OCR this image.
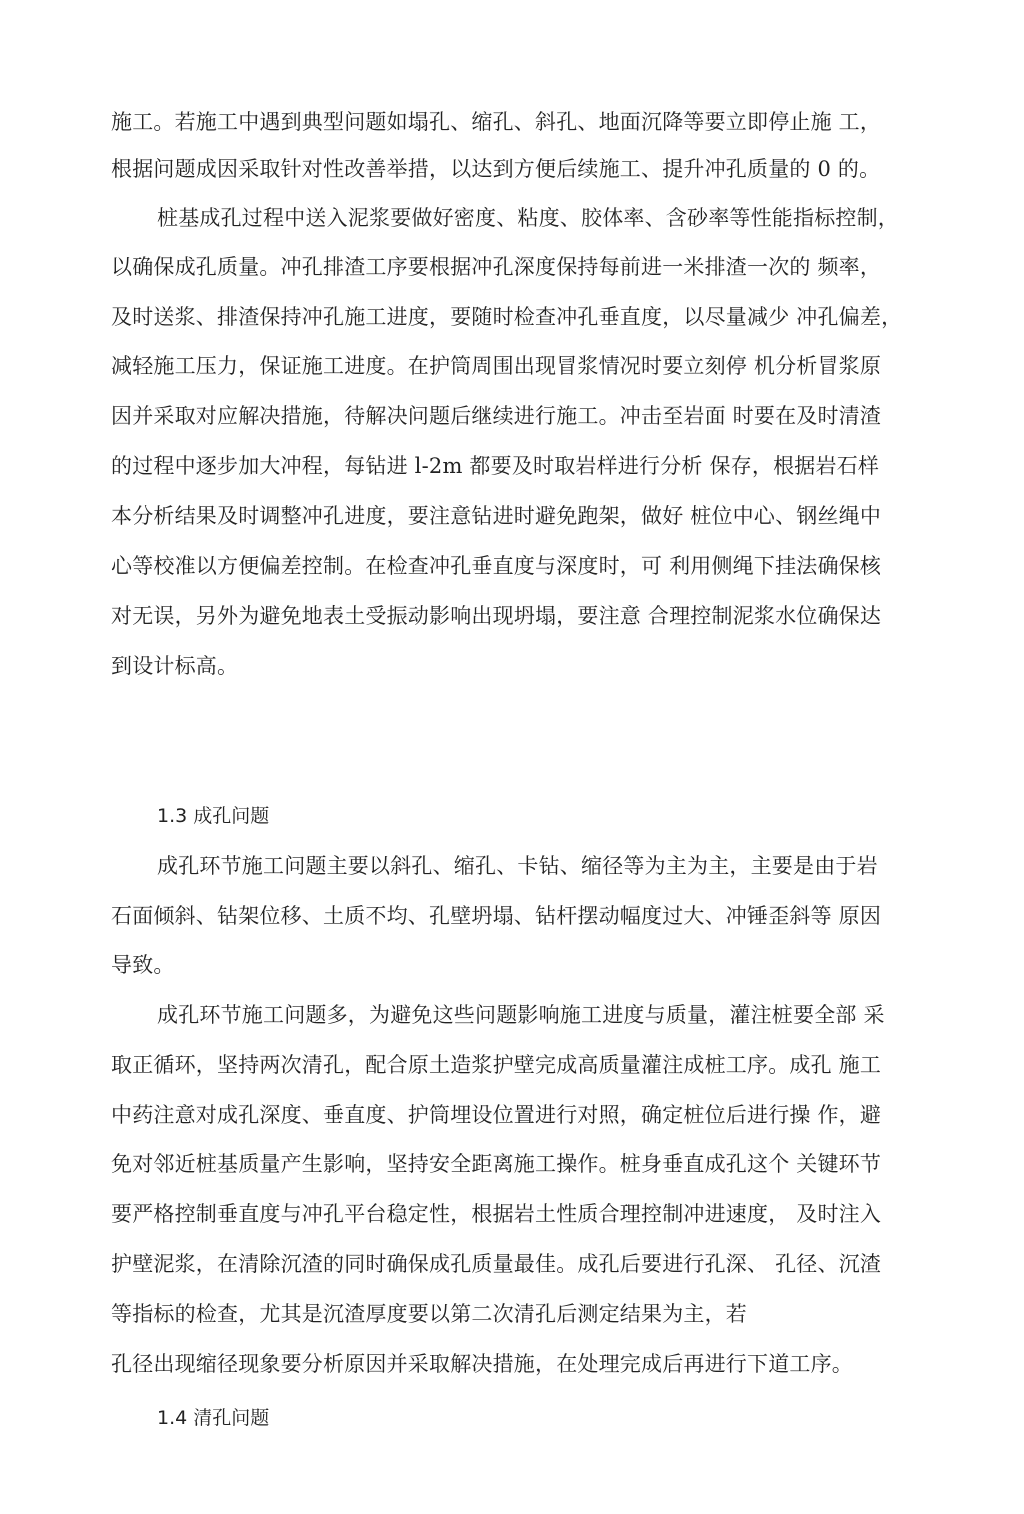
施工。若施工中遇到典型问题如塌孔、缩孔、斜孔、地面沉降等要立即停止施 工，
根据问题成因采取针对性改善举措，以达到方便后续施工、提升冲孔质量的 0 的。
桩基成孔过程中送入泥浆要做好密度、粘度、胶体率、含砂率等性能指标控制，
以确保成孔质量。冲孔排渣工序要根据冲孔深度保持每前进一米排渣一次的 频率，
及时送浆、排渣保持冲孔施工进度，要随时检查冲孔垂直度，以尽量减少 冲孔偏差，
减轻施工压力，保证施工进度。在护筒周围出现冒浆情况时要立刻停 机分析冒浆原
因并采取对应解决措施，待解决问题后继续进行施工。冲击至岩面 时要在及时清渣
的过程中逐步加大冲程，每钻进 l-2m 都要及时取岩样进行分析 保存，根据岩石样
本分析结果及时调整冲孔进度，要注意钻进时避免跑架，做好 桩位中心、钢丝绳中
心等校准以方便偏差控制。在检查冲孔垂直度与深度时，可 利用侧绳下挂法确保核
对无误，另外为避免地表土受振动影响出现坍塌，要注意 合理控制泥浆水位确保达
到设计标高。
1.3 成孔问题
成孔环节施工问题主要以斜孔、缩孔、卡钻、缩径等为主为主，主要是由于岩
石面倾斜、钻架位移、土质不均、孔壁坍塌、钻杆摆动幅度过大、冲锤歪斜等 原因
导致。
成孔环节施工问题多，为避免这些问题影响施工进度与质量，灌注桩要全部 采
取正循环，坚持两次清孔，配合原土造浆护壁完成高质量灌注成桩工序。成孔 施工
中药注意对成孔深度、垂直度、护筒埋设位置进行对照，确定桩位后进行操 作，避
免对邻近桩基质量产生影响，坚持安全距离施工操作。桩身垂直成孔这个 关键环节
要严格控制垂直度与冲孔平台稳定性，根据岩土性质合理控制冲进速度， 及时注入
护壁泥浆，在清除沉渣的同时确保成孔质量最佳。成孔后要进行孔深、 孔径、沉渣
等指标的检查，尤其是沉渣厚度要以第二次清孔后测定结果为主，若
孔径出现缩径现象要分析原因并采取解决措施，在处理完成后再进行下道工序。
1.4 清孔问题
